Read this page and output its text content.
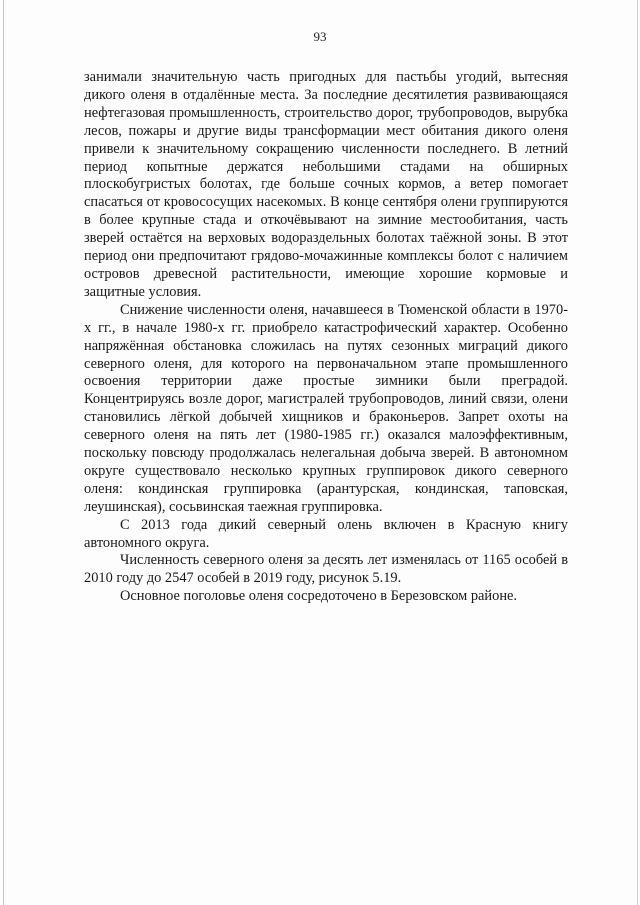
93

занимали значительную часть пригодных для пастьбы угодий, вытесняя дикого оленя в отдалённые места. За последние десятилетия развивающаяся нефтегазовая промышленность, строительство дорог, трубопроводов, вырубка лесов, пожары и другие виды трансформации мест обитания дикого оленя привели к значительному сокращению численности последнего. В летний период копытные держатся небольшими стадами на обширных плоскобугристых болотах, где больше сочных кормов, а ветер помогает спасаться от кровососущих насекомых. В конце сентября олени группируются в более крупные стада и откочёвывают на зимние местообитания, часть зверей остаётся на верховых водораздельных болотах таёжной зоны. В этот период они предпочитают грядово-мочажинные комплексы болот с наличием островов древесной растительности, имеющие хорошие кормовые и защитные условия.

Снижение численности оленя, начавшееся в Тюменской области в 1970-х гг., в начале 1980-х гг. приобрело катастрофический характер. Особенно напряжённая обстановка сложилась на путях сезонных миграций дикого северного оленя, для которого на первоначальном этапе промышленного освоения территории даже простые зимники были преградой. Концентрируясь возле дорог, магистралей трубопроводов, линий связи, олени становились лёгкой добычей хищников и браконьеров. Запрет охоты на северного оленя на пять лет (1980-1985 гг.) оказался малоэффективным, поскольку повсюду продолжалась нелегальная добыча зверей. В автономном округе существовало несколько крупных группировок дикого северного оленя: кондинская группировка (арантурская, кондинская, таповская, леушинская), сосьвинская таежная группировка.

С 2013 года дикий северный олень включен в Красную книгу автономного округа.

Численность северного оленя за десять лет изменялась от 1165 особей в 2010 году до 2547 особей в 2019 году, рисунок 5.19.

Основное поголовье оленя сосредоточено в Березовском районе.
